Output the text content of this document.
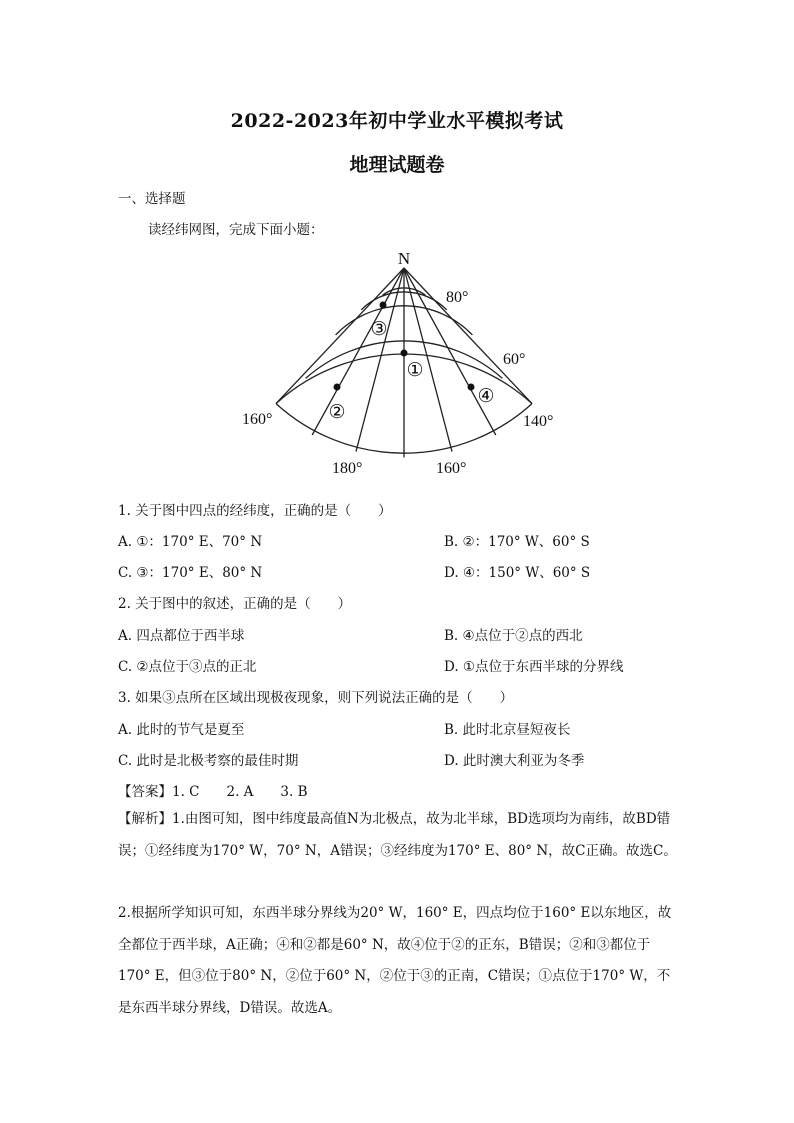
2022-2023年初中学业水平模拟考试
地理试题卷
一、选择题
读经纬网图，完成下面小题：
N
80°
60°
160°
180°	160°
140°
①
②
③
④
1. 关于图中四点的经纬度，正确的是（　　）
A. ①：170° E、70° N	B. ②：170° W、60° S
C. ③：170° E、80° N	D. ④：150° W、60° S
2. 关于图中的叙述，正确的是（　　）
A. 四点都位于西半球	B. ④点位于②点的西北
C. ②点位于③点的正北	D. ①点位于东西半球的分界线
3. 如果③点所在区域出现极夜现象，则下列说法正确的是（　　）
A. 此时的节气是夏至	B. 此时北京昼短夜长
C. 此时是北极考察的最佳时期	D. 此时澳大利亚为冬季
【答案】1. C　　2. A　　3. B
【解析】1.由图可知，图中纬度最高值N为北极点，故为北半球，BD选项均为南纬，故BD错误；①经纬度为170° W，70° N，A错误；③经纬度为170° E、80° N，故C正确。故选C。
2.根据所学知识可知，东西半球分界线为20° W，160° E，四点均位于160° E以东地区，故全都位于西半球，A正确；④和②都是60° N，故④位于②的正东，B错误；②和③都位于170° E，但③位于80° N，②位于60° N，②位于③的正南，C错误；①点位于170° W，不是东西半球分界线，D错误。故选A。
